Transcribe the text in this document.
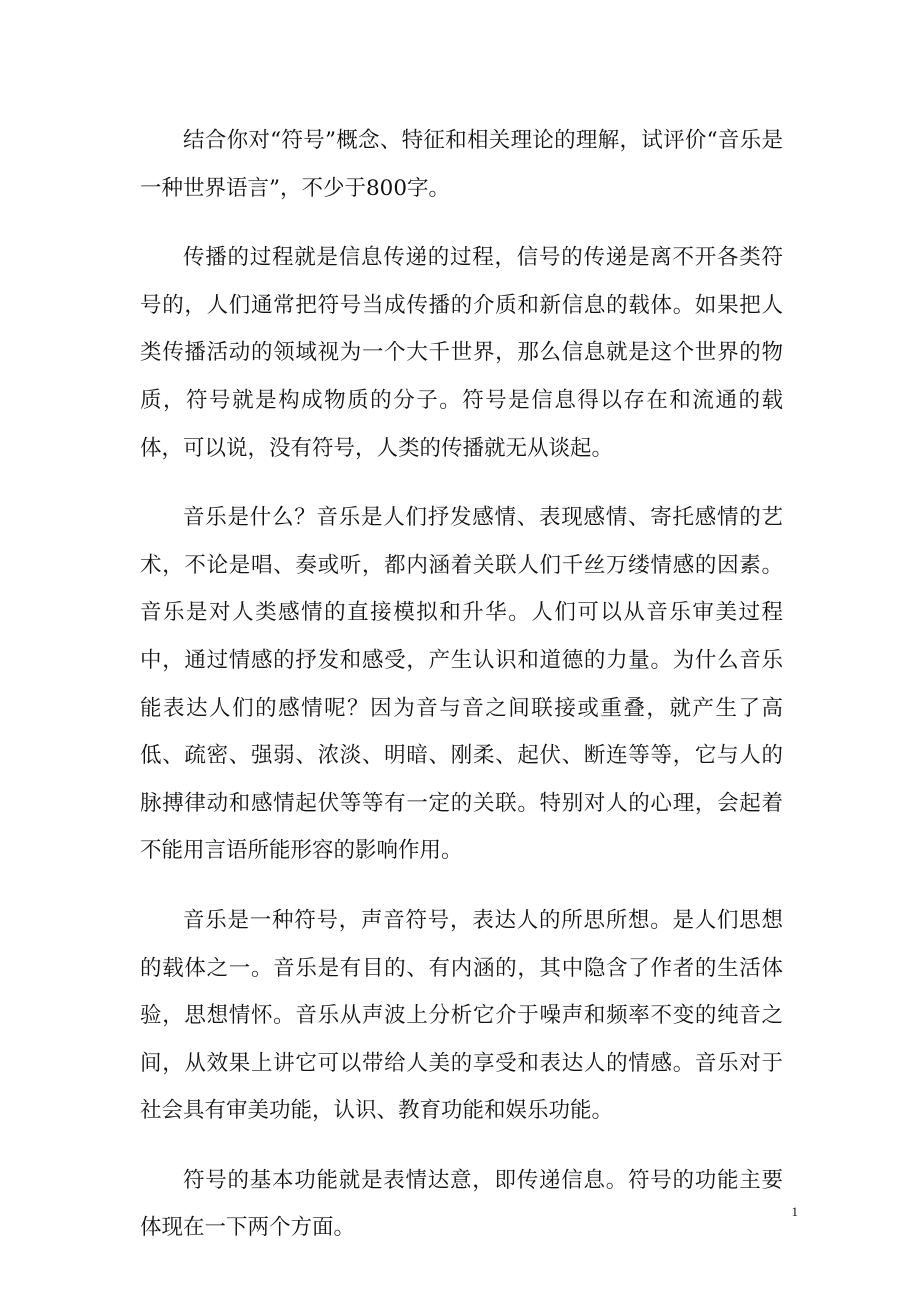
结合你对“符号”概念、特征和相关理论的理解，试评价“音乐是一种世界语言”，不少于800字。

传播的过程就是信息传递的过程，信号的传递是离不开各类符号的，人们通常把符号当成传播的介质和新信息的载体。如果把人类传播活动的领域视为一个大千世界，那么信息就是这个世界的物质，符号就是构成物质的分子。符号是信息得以存在和流通的载体，可以说，没有符号，人类的传播就无从谈起。

音乐是什么？音乐是人们抒发感情、表现感情、寄托感情的艺术，不论是唱、奏或听，都内涵着关联人们千丝万缕情感的因素。音乐是对人类感情的直接模拟和升华。人们可以从音乐审美过程中，通过情感的抒发和感受，产生认识和道德的力量。为什么音乐能表达人们的感情呢？因为音与音之间联接或重叠，就产生了高低、疏密、强弱、浓淡、明暗、刚柔、起伏、断连等等，它与人的脉搏律动和感情起伏等等有一定的关联。特别对人的心理，会起着不能用言语所能形容的影响作用。

音乐是一种符号，声音符号，表达人的所思所想。是人们思想的载体之一。音乐是有目的、有内涵的，其中隐含了作者的生活体验，思想情怀。音乐从声波上分析它介于噪声和频率不变的纯音之间，从效果上讲它可以带给人美的享受和表达人的情感。音乐对于社会具有审美功能，认识、教育功能和娱乐功能。

符号的基本功能就是表情达意，即传递信息。符号的功能主要体现在一下两个方面。

1
